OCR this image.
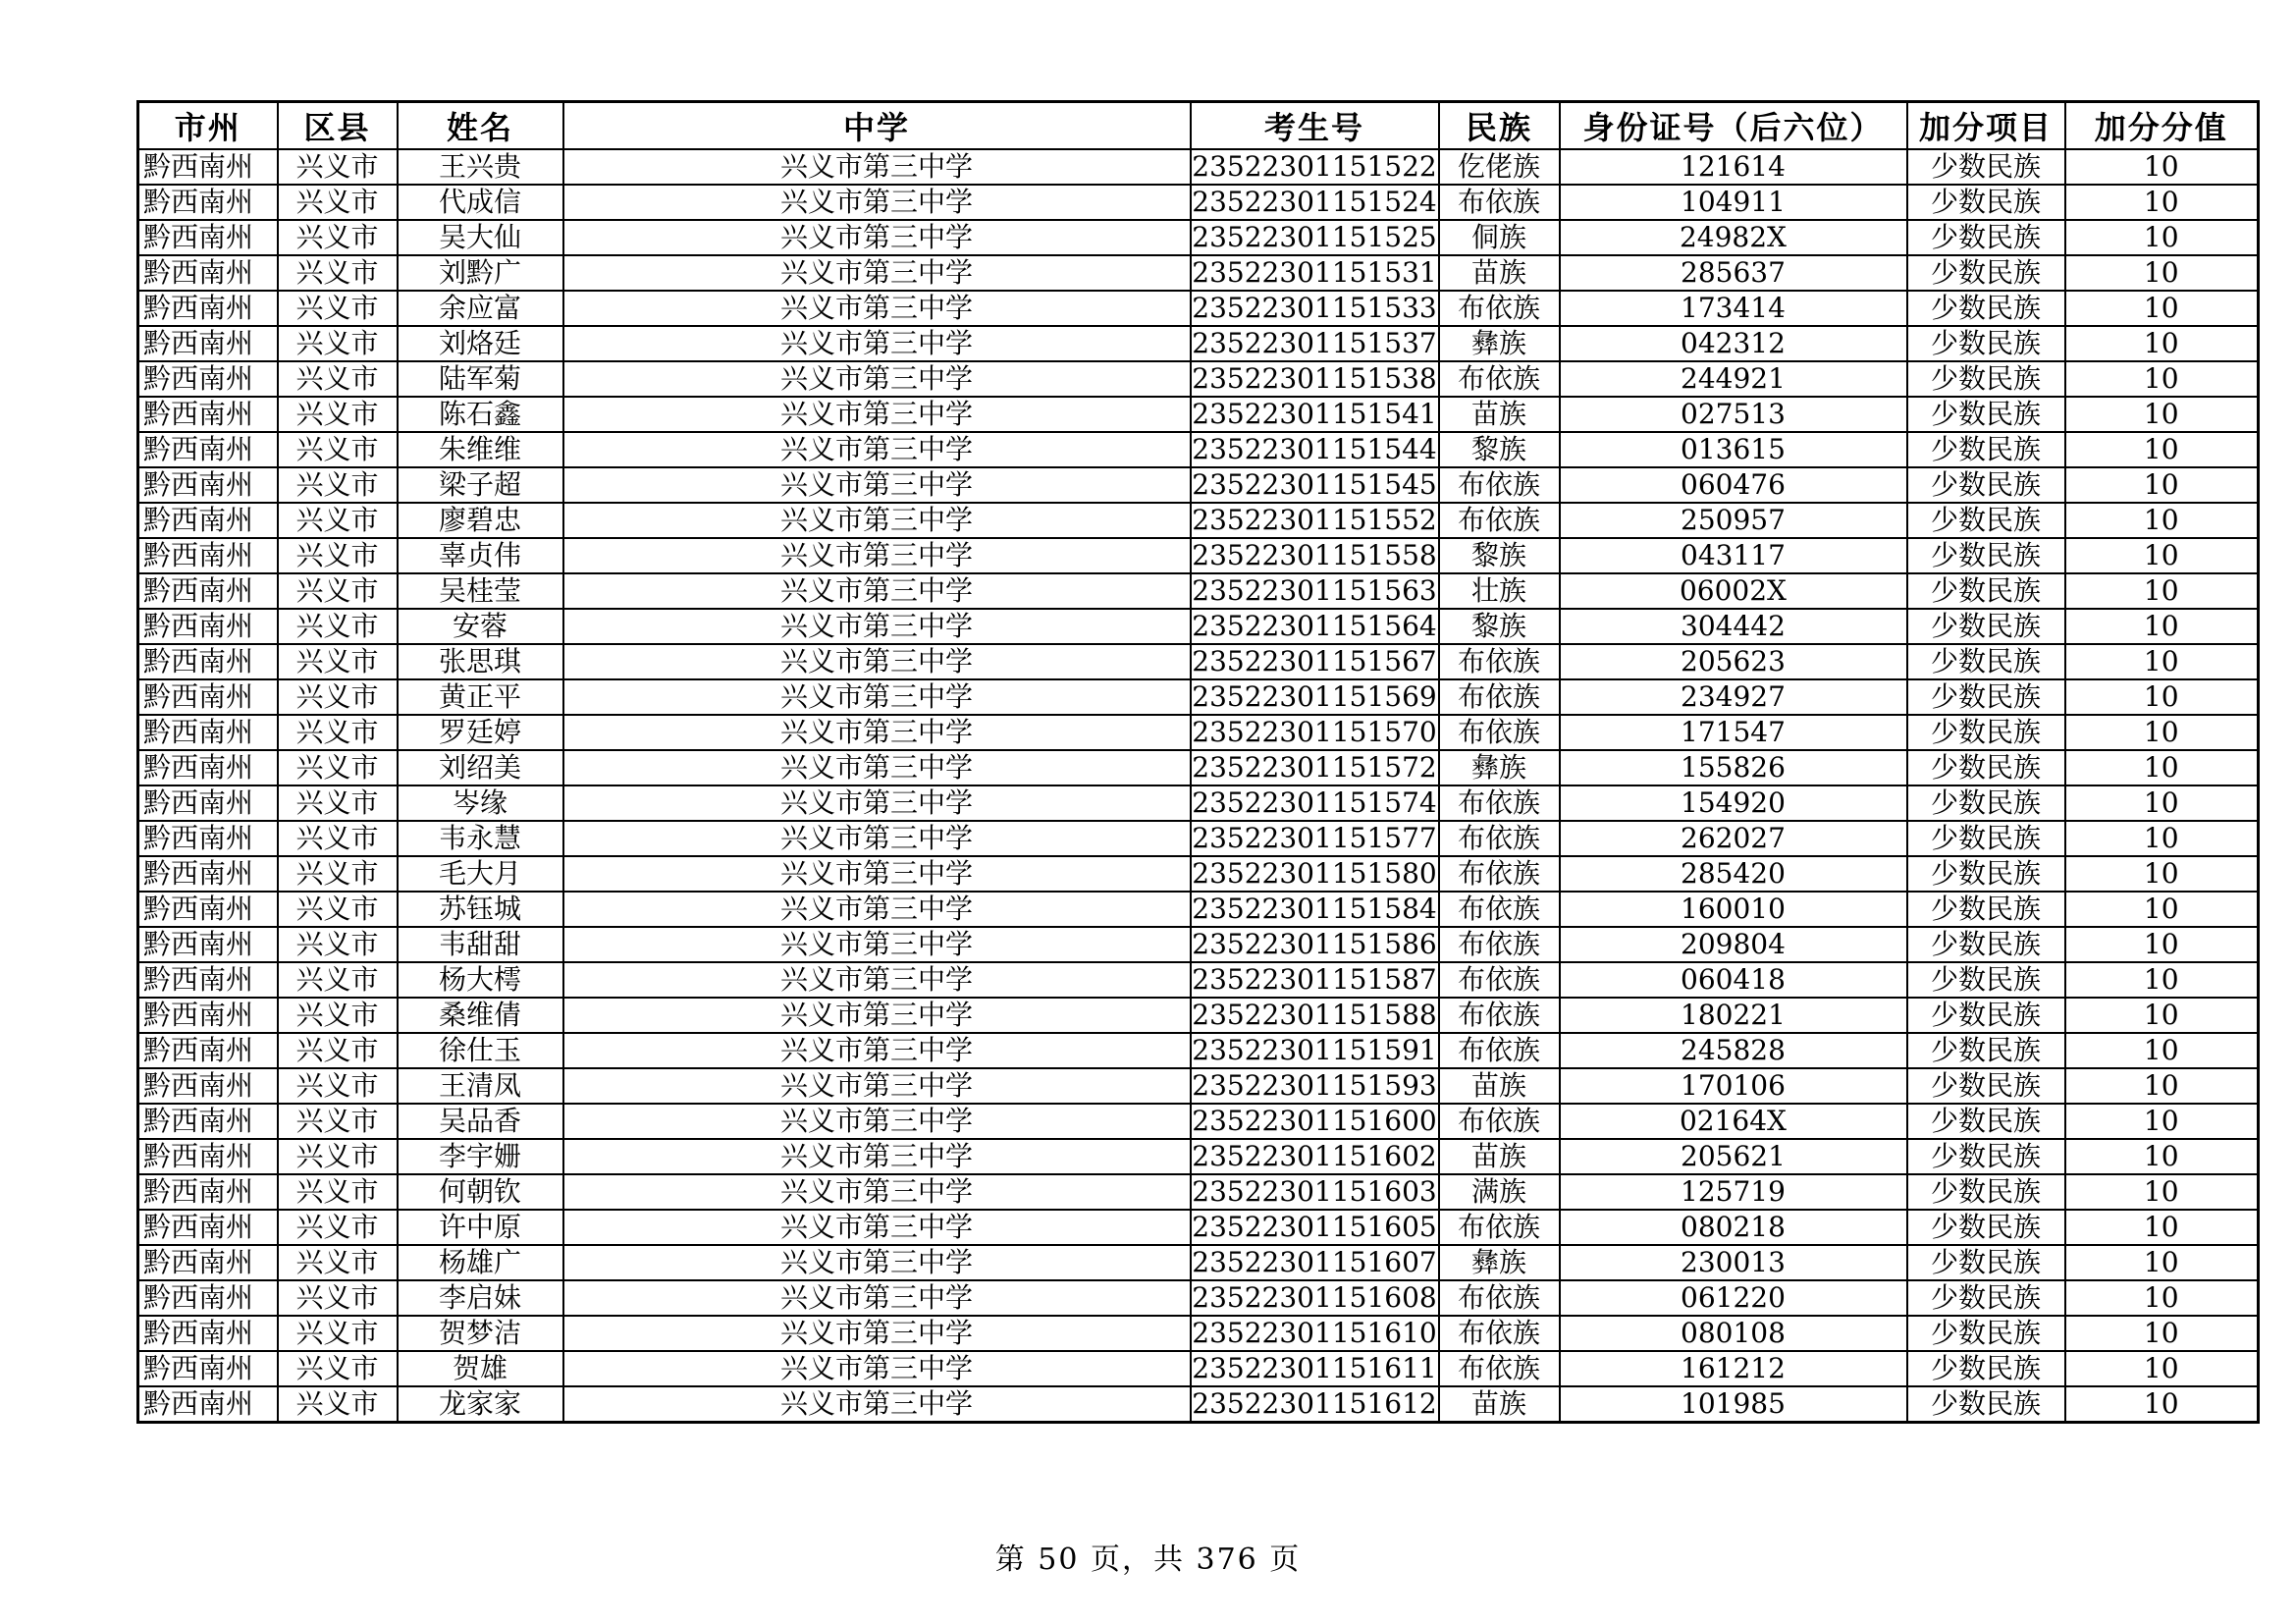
市州	区县	姓名	中学	考生号	民族	身份证号（后六位）	加分项目	加分分值
黔西南州	兴义市	王兴贵	兴义市第三中学	23522301151522	仡佬族	121614	少数民族	10
黔西南州	兴义市	代成信	兴义市第三中学	23522301151524	布依族	104911	少数民族	10
黔西南州	兴义市	吴大仙	兴义市第三中学	23522301151525	侗族	24982X	少数民族	10
黔西南州	兴义市	刘黔广	兴义市第三中学	23522301151531	苗族	285637	少数民族	10
黔西南州	兴义市	余应富	兴义市第三中学	23522301151533	布依族	173414	少数民族	10
黔西南州	兴义市	刘烙廷	兴义市第三中学	23522301151537	彝族	042312	少数民族	10
黔西南州	兴义市	陆军菊	兴义市第三中学	23522301151538	布依族	244921	少数民族	10
黔西南州	兴义市	陈石鑫	兴义市第三中学	23522301151541	苗族	027513	少数民族	10
黔西南州	兴义市	朱维维	兴义市第三中学	23522301151544	黎族	013615	少数民族	10
黔西南州	兴义市	梁子超	兴义市第三中学	23522301151545	布依族	060476	少数民族	10
黔西南州	兴义市	廖碧忠	兴义市第三中学	23522301151552	布依族	250957	少数民族	10
黔西南州	兴义市	辜贞伟	兴义市第三中学	23522301151558	黎族	043117	少数民族	10
黔西南州	兴义市	吴桂莹	兴义市第三中学	23522301151563	壮族	06002X	少数民族	10
黔西南州	兴义市	安蓉	兴义市第三中学	23522301151564	黎族	304442	少数民族	10
黔西南州	兴义市	张思琪	兴义市第三中学	23522301151567	布依族	205623	少数民族	10
黔西南州	兴义市	黄正平	兴义市第三中学	23522301151569	布依族	234927	少数民族	10
黔西南州	兴义市	罗廷婷	兴义市第三中学	23522301151570	布依族	171547	少数民族	10
黔西南州	兴义市	刘绍美	兴义市第三中学	23522301151572	彝族	155826	少数民族	10
黔西南州	兴义市	岑缘	兴义市第三中学	23522301151574	布依族	154920	少数民族	10
黔西南州	兴义市	韦永慧	兴义市第三中学	23522301151577	布依族	262027	少数民族	10
黔西南州	兴义市	毛大月	兴义市第三中学	23522301151580	布依族	285420	少数民族	10
黔西南州	兴义市	苏钰城	兴义市第三中学	23522301151584	布依族	160010	少数民族	10
黔西南州	兴义市	韦甜甜	兴义市第三中学	23522301151586	布依族	209804	少数民族	10
黔西南州	兴义市	杨大樗	兴义市第三中学	23522301151587	布依族	060418	少数民族	10
黔西南州	兴义市	桑维倩	兴义市第三中学	23522301151588	布依族	180221	少数民族	10
黔西南州	兴义市	徐仕玉	兴义市第三中学	23522301151591	布依族	245828	少数民族	10
黔西南州	兴义市	王清凤	兴义市第三中学	23522301151593	苗族	170106	少数民族	10
黔西南州	兴义市	吴品香	兴义市第三中学	23522301151600	布依族	02164X	少数民族	10
黔西南州	兴义市	李宇姗	兴义市第三中学	23522301151602	苗族	205621	少数民族	10
黔西南州	兴义市	何朝钦	兴义市第三中学	23522301151603	满族	125719	少数民族	10
黔西南州	兴义市	许中原	兴义市第三中学	23522301151605	布依族	080218	少数民族	10
黔西南州	兴义市	杨雄广	兴义市第三中学	23522301151607	彝族	230013	少数民族	10
黔西南州	兴义市	李启妹	兴义市第三中学	23522301151608	布依族	061220	少数民族	10
黔西南州	兴义市	贺梦洁	兴义市第三中学	23522301151610	布依族	080108	少数民族	10
黔西南州	兴义市	贺雄	兴义市第三中学	23522301151611	布依族	161212	少数民族	10
黔西南州	兴义市	龙家家	兴义市第三中学	23522301151612	苗族	101985	少数民族	10
第 50 页，共 376 页
